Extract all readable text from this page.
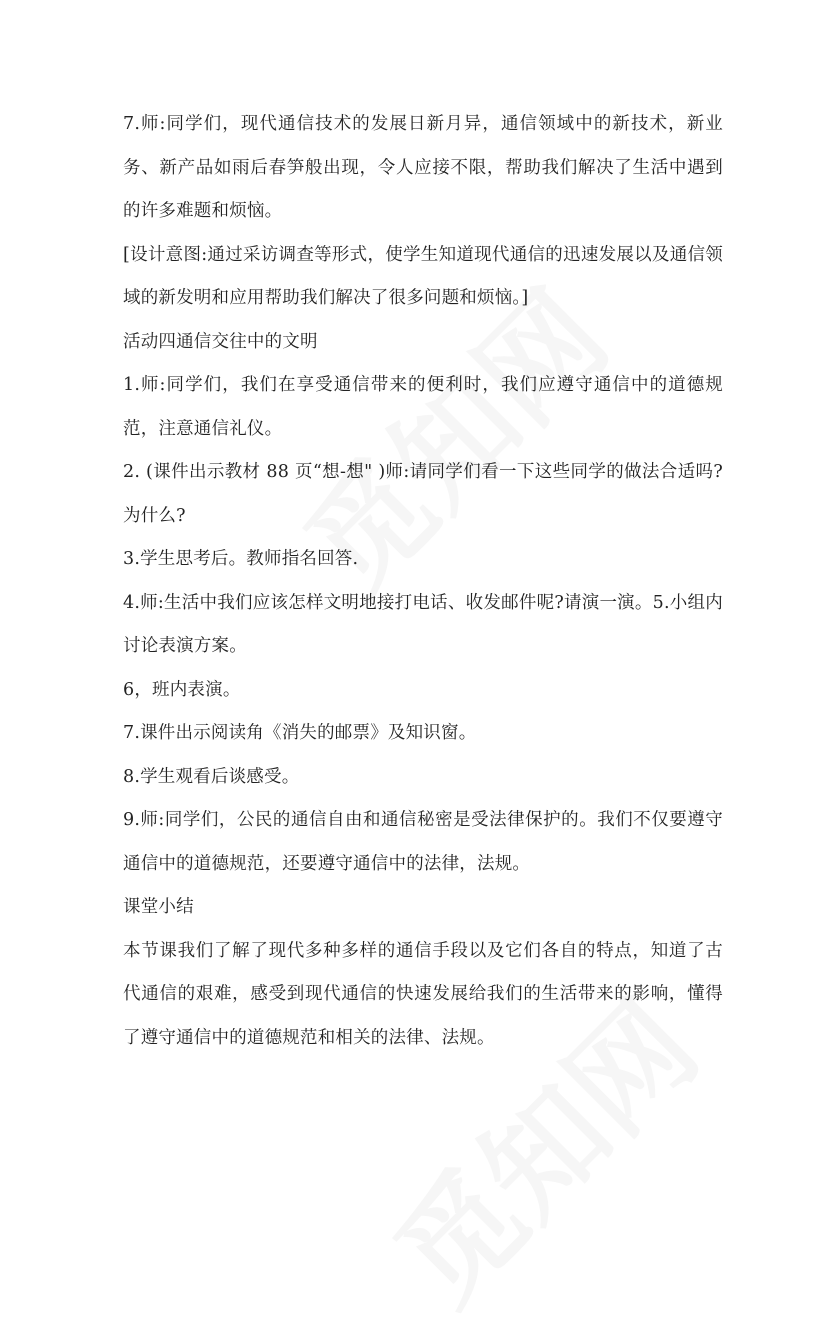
7.师:同学们，现代通信技术的发展日新月异，通信领域中的新技术，新业务、新产品如雨后春笋般出现，令人应接不限，帮助我们解决了生活中遇到的许多难题和烦恼。

[设计意图:通过采访调查等形式，使学生知道现代通信的迅速发展以及通信领域的新发明和应用帮助我们解决了很多问题和烦恼。]

活动四通信交往中的文明

1.师:同学们，我们在享受通信带来的便利时，我们应遵守通信中的道德规范，注意通信礼仪。

2. (课件出示教材 88 页“想-想" )师:请同学们看一下这些同学的做法合适吗?为什么?

3.学生思考后。教师指名回答.

4.师:生活中我们应该怎样文明地接打电话、收发邮件呢?请演一演。5.小组内讨论表演方案。

6，班内表演。

7.课件出示阅读角《消失的邮票》及知识窗。

8.学生观看后谈感受。

9.师:同学们，公民的通信自由和通信秘密是受法律保护的。我们不仅要遵守通信中的道德规范，还要遵守通信中的法律，法规。

课堂小结

本节课我们了解了现代多种多样的通信手段以及它们各自的特点，知道了古代通信的艰难，感受到现代通信的快速发展给我们的生活带来的影响，懂得了遵守通信中的道德规范和相关的法律、法规。
